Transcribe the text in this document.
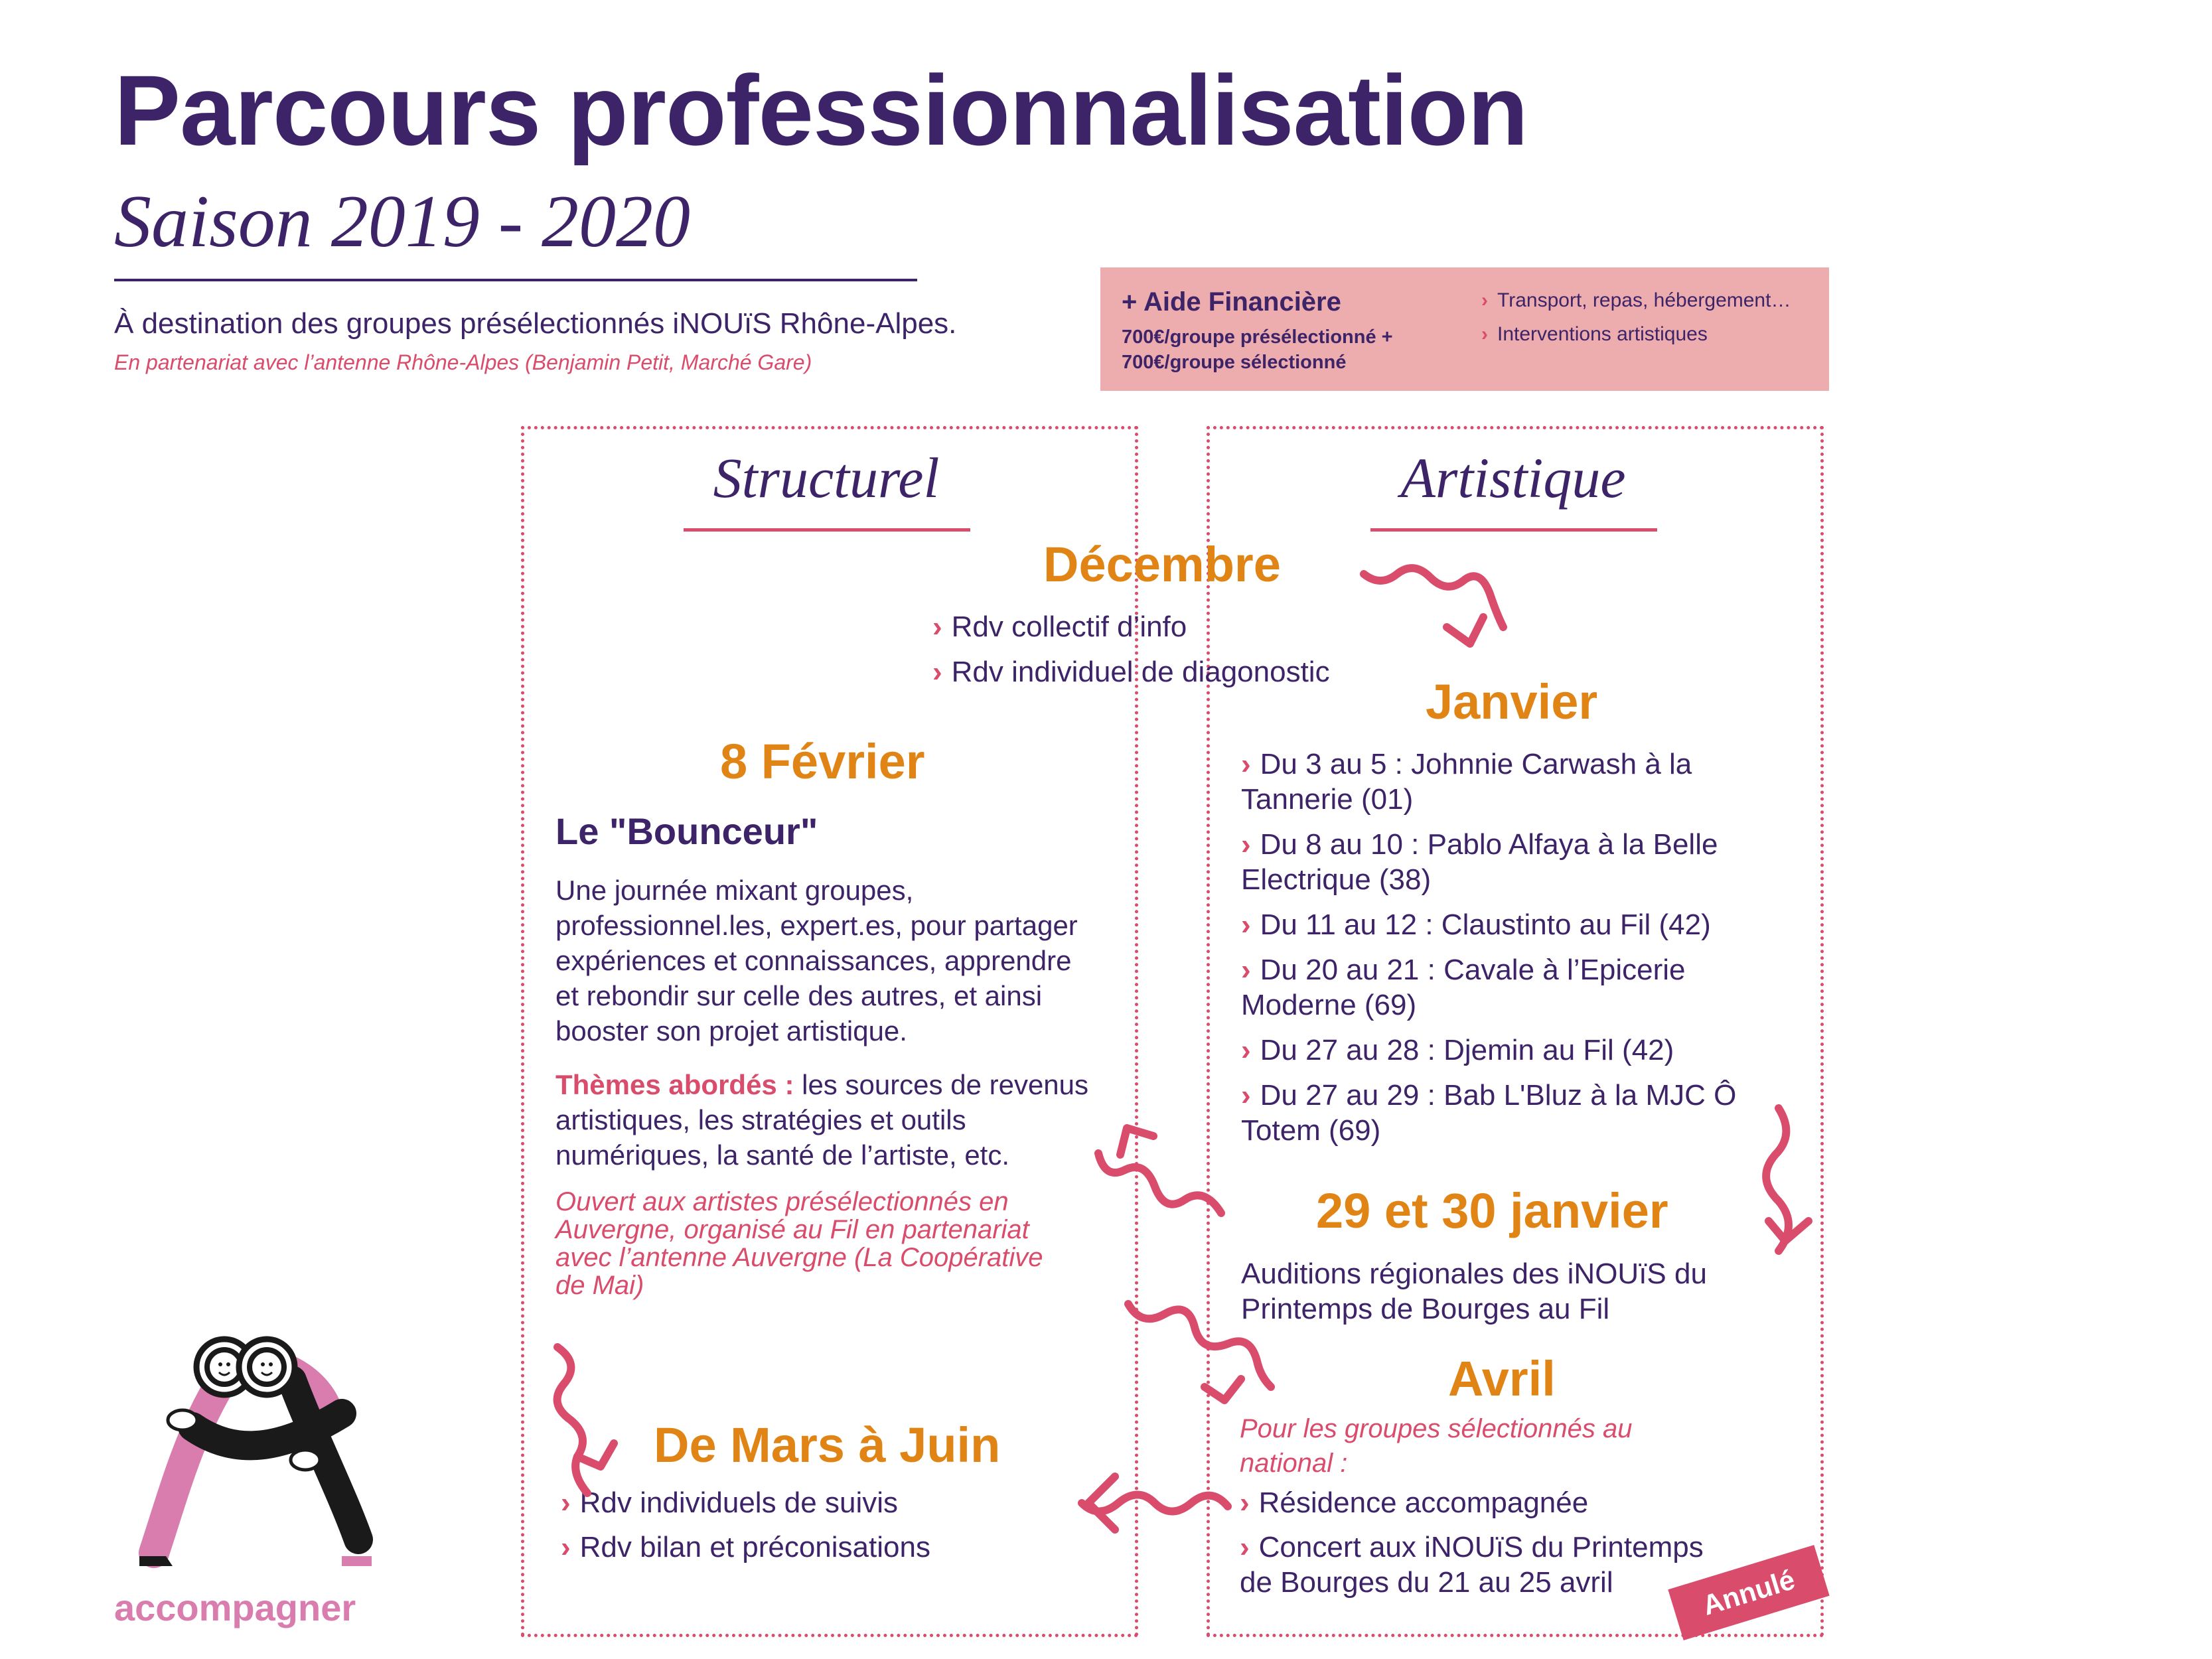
Parcours professionnalisation
Saison 2019 - 2020
À destination des groupes présélectionnés iNOUïS Rhône-Alpes.
En partenariat avec l’antenne Rhône-Alpes (Benjamin Petit, Marché Gare)
+ Aide Financière
700€/groupe présélectionné +
700€/groupe sélectionné
› Transport, repas, hébergement…
› Interventions artistiques
Structurel	Artistique
Décembre
› Rdv collectif d’info
› Rdv individuel de diagonostic
Janvier
› Du 3 au 5 : Johnnie Carwash à la
Tannerie (01)
› Du 8 au 10 : Pablo Alfaya à la Belle
Electrique (38)
› Du 11 au 12 : Claustinto au Fil (42)
› Du 20 au 21 : Cavale à l’Epicerie
Moderne (69)
› Du 27 au 28 : Djemin au Fil (42)
› Du 27 au 29 : Bab L'Bluz à la MJC Ô
Totem (69)
8 Février
Le "Bounceur"
Une journée mixant groupes,
professionnel.les, expert.es, pour partager
expériences et connaissances, apprendre
et rebondir sur celle des autres, et ainsi
booster son projet artistique.
Thèmes abordés : les sources de revenus
artistiques, les stratégies et outils
numériques, la santé de l’artiste, etc.
Ouvert aux artistes présélectionnés en
Auvergne, organisé au Fil en partenariat
avec l’antenne Auvergne (La Coopérative
de Mai)
29 et 30 janvier
Auditions régionales des iNOUïS du
Printemps de Bourges au Fil
Avril
Pour les groupes sélectionnés au
national :
› Résidence accompagnée
› Concert aux iNOUïS du Printemps
de Bourges du 21 au 25 avril	Annulé
De Mars à Juin
› Rdv individuels de suivis
› Rdv bilan et préconisations
accompagner
